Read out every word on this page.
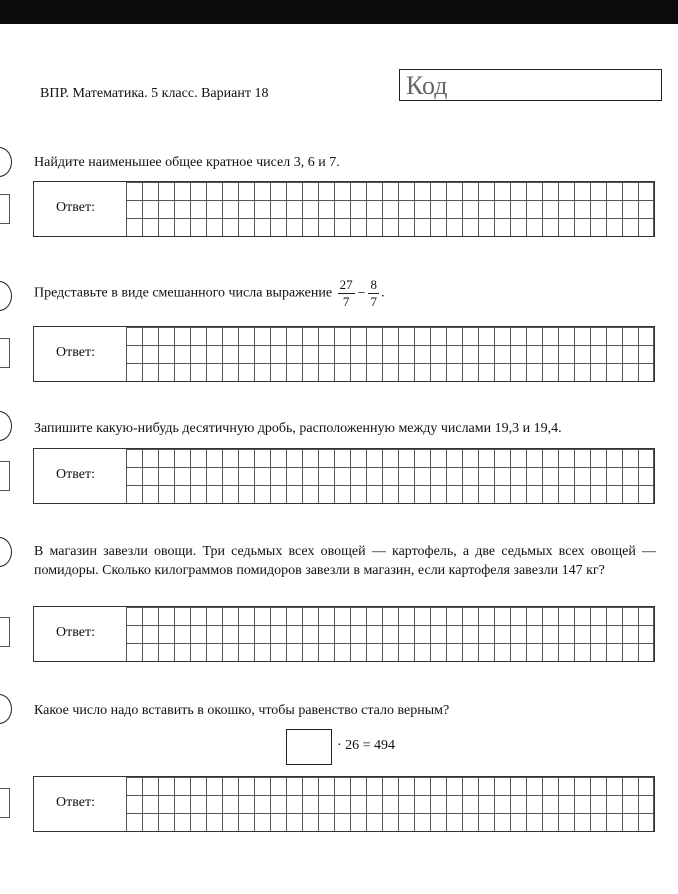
ВПР. Математика. 5 класс. Вариант 18	Код
Найдите наименьшее общее кратное чисел 3, 6 и 7.
Ответ:
Представьте в виде смешанного числа выражение $\frac{27}{7} - \frac{8}{7}$ .
Ответ:
Запишите какую-нибудь десятичную дробь, расположенную между числами 19,3 и 19,4.
Ответ:
В магазин завезли овощи. Три седьмых всех овощей — картофель, а две седьмых всех овощей — помидоры. Сколько килограммов помидоров завезли в магазин, если картофеля завезли 147 кг?
Ответ:
Какое число надо вставить в окошко, чтобы равенство стало верным?
· 26 = 494
Ответ:
